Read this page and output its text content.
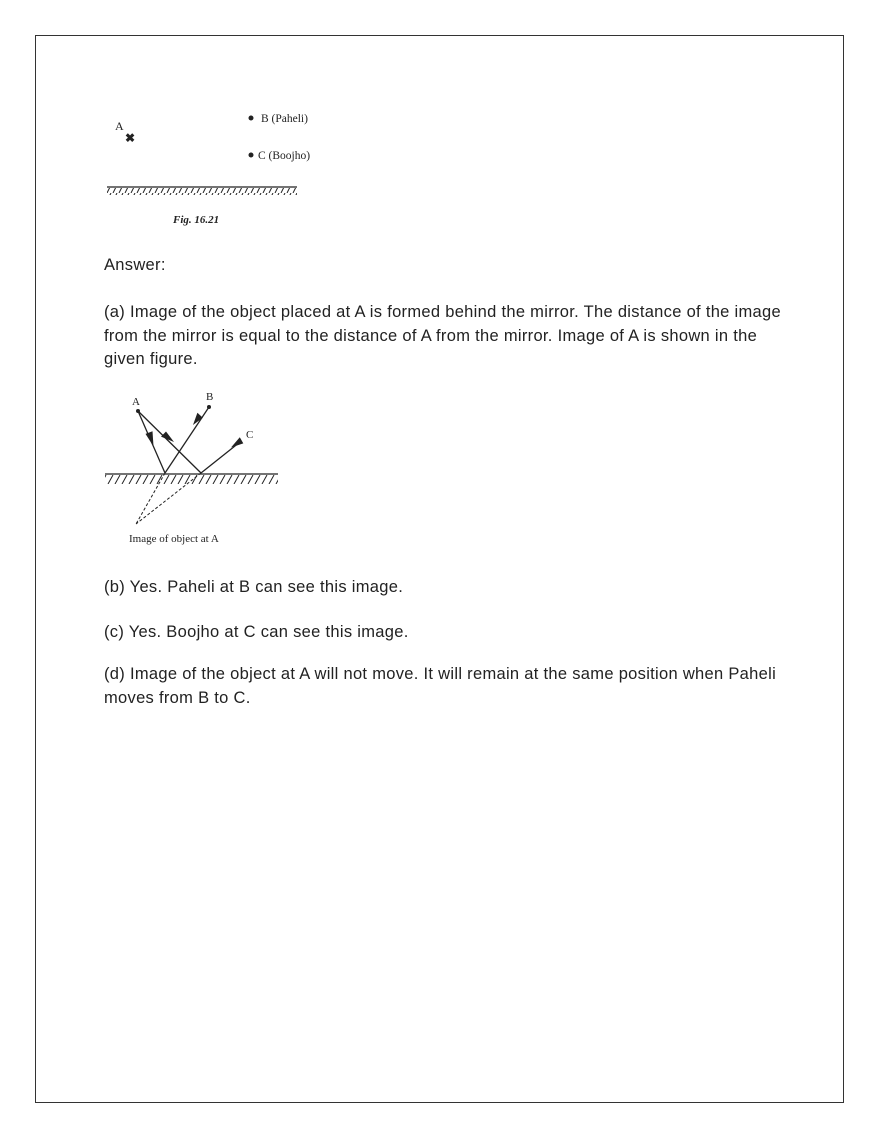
A
✖
B (Paheli)
C (Boojho)
Fig. 16.21

Answer:

(a) Image of the object placed at A is formed behind the mirror. The distance of the image from the mirror is equal to the distance of A from the mirror. Image of A is shown in the given figure.

A	B
C
Image of object at A

(b) Yes. Paheli at B can see this image.

(c) Yes. Boojho at C can see this image.

(d) Image of the object at A will not move. It will remain at the same position when Paheli moves from B to C.
